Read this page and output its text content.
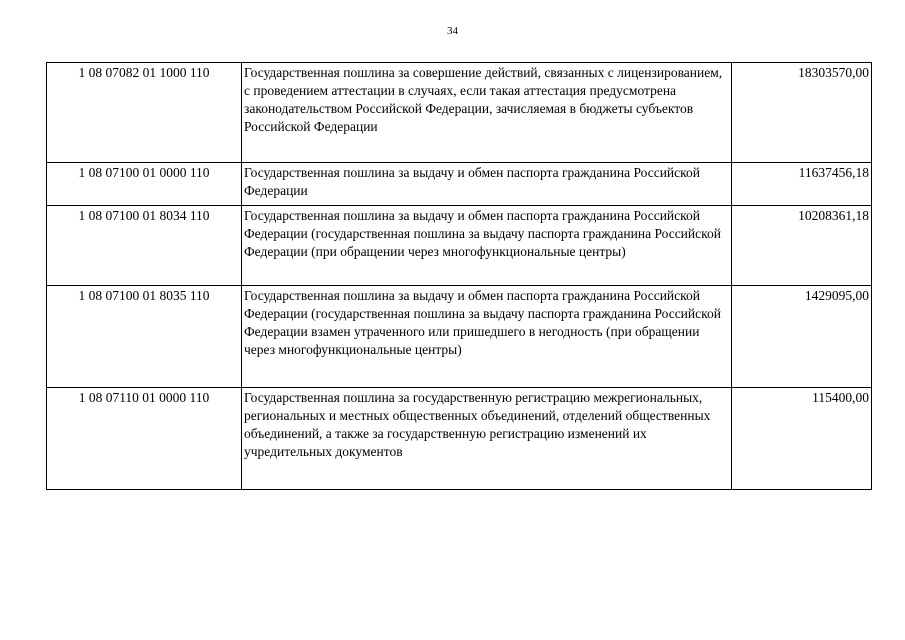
34
1 08 07082 01 1000 110	Государственная пошлина за совершение действий, связанных с лицензированием, с проведением аттестации в случаях, если такая аттестация предусмотрена законодательством Российской Федерации, зачисляемая в бюджеты субъектов Российской Федерации	18303570,00
1 08 07100 01 0000 110	Государственная пошлина за выдачу и обмен паспорта гражданина Российской Федерации	11637456,18
1 08 07100 01 8034 110	Государственная пошлина за выдачу и обмен паспорта гражданина Российской Федерации (государственная пошлина за выдачу паспорта гражданина Российской Федерации (при обращении через многофункциональные центры)	10208361,18
1 08 07100 01 8035 110	Государственная пошлина за выдачу и обмен паспорта гражданина Российской Федерации (государственная пошлина за выдачу паспорта гражданина Российской Федерации взамен утраченного или пришедшего в негодность (при обращении через многофункциональные центры)	1429095,00
1 08 07110 01 0000 110	Государственная пошлина за государственную регистрацию межрегиональных, региональных и местных общественных объединений, отделений общественных объединений, а также за государственную регистрацию изменений их учредительных документов	115400,00
